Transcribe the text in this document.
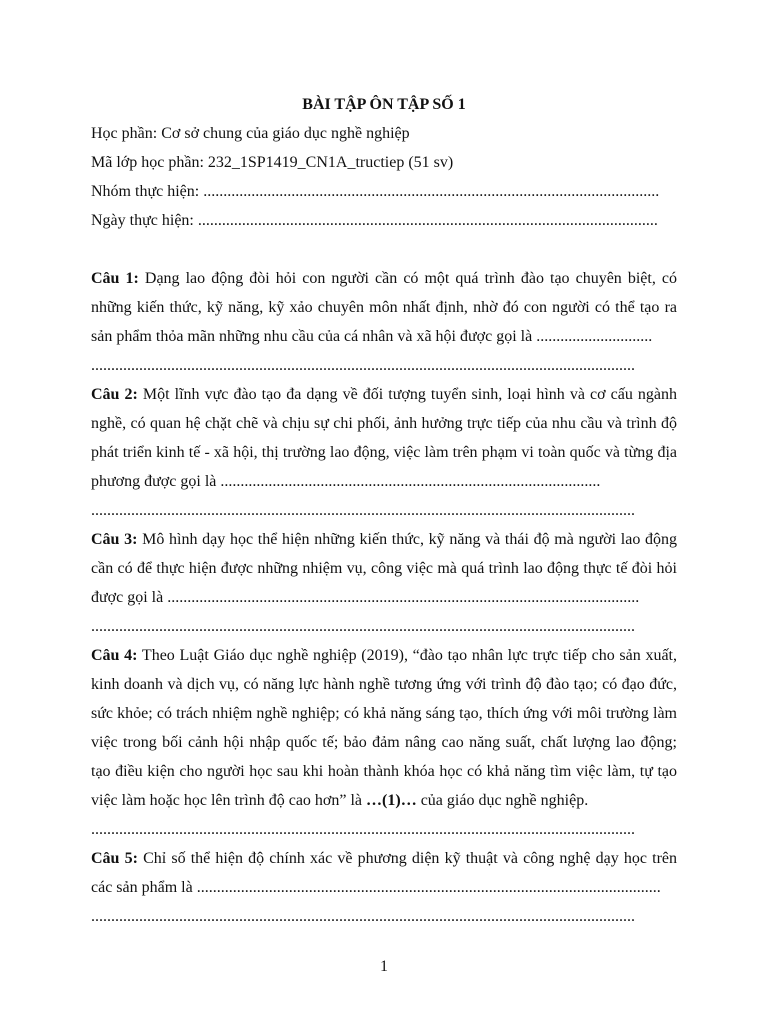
BÀI TẬP ÔN TẬP SỐ 1
Học phần: Cơ sở chung của giáo dục nghề nghiệp
Mã lớp học phần: 232_1SP1419_CN1A_tructiep (51 sv)
Nhóm thực hiện: ..................................................................................................................
Ngày thực hiện: ...................................................................................................................

Câu 1: Dạng lao động đòi hỏi con người cần có một quá trình đào tạo chuyên biệt, có những kiến thức, kỹ năng, kỹ xảo chuyên môn nhất định, nhờ đó con người có thể tạo ra sản phẩm thỏa mãn những nhu cầu của cá nhân và xã hội được gọi là .............................

........................................................................................................................................

Câu 2: Một lĩnh vực đào tạo đa dạng về đối tượng tuyển sinh, loại hình và cơ cấu ngành nghề, có quan hệ chặt chẽ và chịu sự chi phối, ảnh hưởng trực tiếp của nhu cầu và trình độ phát triển kinh tế - xã hội, thị trường lao động, việc làm trên phạm vi toàn quốc và từng địa phương được gọi là ...............................................................................................

........................................................................................................................................

Câu 3: Mô hình dạy học thể hiện những kiến thức, kỹ năng và thái độ mà người lao động cần có để thực hiện được những nhiệm vụ, công việc mà quá trình lao động thực tế đòi hỏi được gọi là ......................................................................................................................

........................................................................................................................................

Câu 4: Theo Luật Giáo dục nghề nghiệp (2019), “đào tạo nhân lực trực tiếp cho sản xuất, kinh doanh và dịch vụ, có năng lực hành nghề tương ứng với trình độ đào tạo; có đạo đức, sức khỏe; có trách nhiệm nghề nghiệp; có khả năng sáng tạo, thích ứng với môi trường làm việc trong bối cảnh hội nhập quốc tế; bảo đảm nâng cao năng suất, chất lượng lao động; tạo điều kiện cho người học sau khi hoàn thành khóa học có khả năng tìm việc làm, tự tạo việc làm hoặc học lên trình độ cao hơn” là …(1)… của giáo dục nghề nghiệp.

........................................................................................................................................

Câu 5: Chỉ số thể hiện độ chính xác về phương diện kỹ thuật và công nghệ dạy học trên các sản phẩm là ....................................................................................................................

........................................................................................................................................
1
